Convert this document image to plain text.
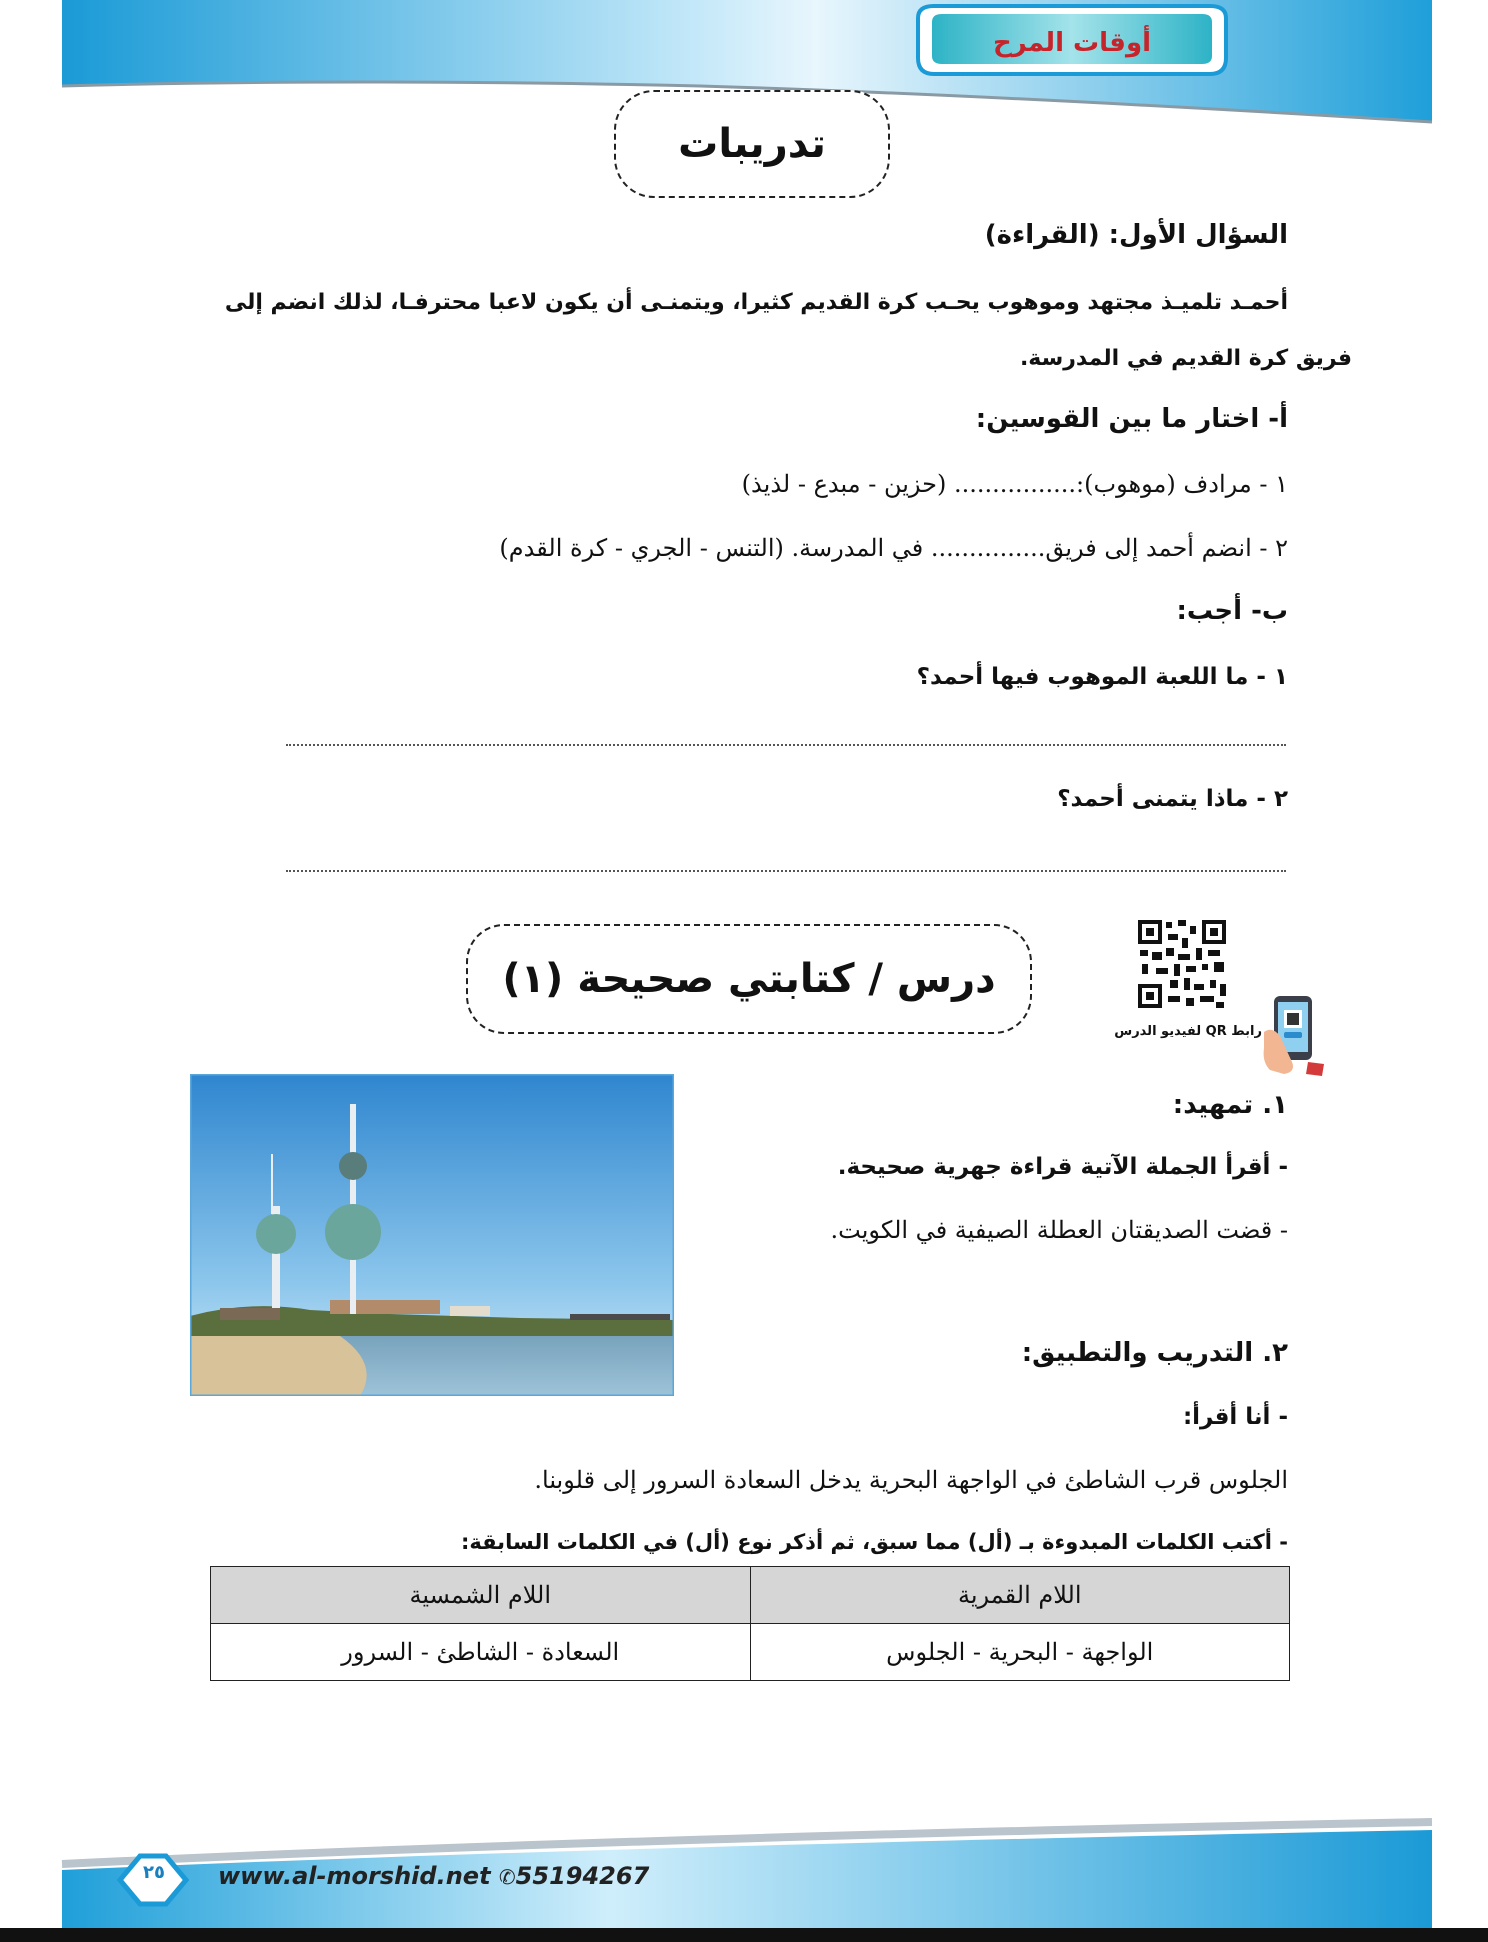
أوقات المرح
تدريبات
السؤال الأول: (القراءة)
أحمـد تلميـذ مجتهد وموهوب يحـب كرة القديم كثيرا، ويتمنـى أن يكون لاعبا محترفـا، لذلك انضم إلى
فريق كرة القديم في المدرسة.
أ- اختار ما بين القوسين:
١ - مرادف (موهوب):................ (حزين - مبدع - لذيذ)
٢ - انضم أحمد إلى فريق............... في المدرسة. (التنس - الجري - كرة القدم)
ب- أجب:
١ - ما اللعبة الموهوب فيها أحمد؟
٢ - ماذا يتمنى أحمد؟
درس / كتابتي صحيحة (١)
رابط QR لفيديو الدرس
١. تمهيد:
- أقرأ الجملة الآتية قراءة جهرية صحيحة.
- قضت الصديقتان العطلة الصيفية في الكويت.
٢. التدريب والتطبيق:
- أنا أقرأ:
الجلوس قرب الشاطئ في الواجهة البحرية يدخل السعادة السرور إلى قلوبنا.
- أكتب الكلمات المبدوءة بـ (أل) مما سبق، ثم أذكر نوع (أل) في الكلمات السابقة:
اللام القمرية	اللام الشمسية
الواجهة - البحرية - الجلوس	السعادة - الشاطئ - السرور
٢٥	www.al-morshid.net ✆55194267
